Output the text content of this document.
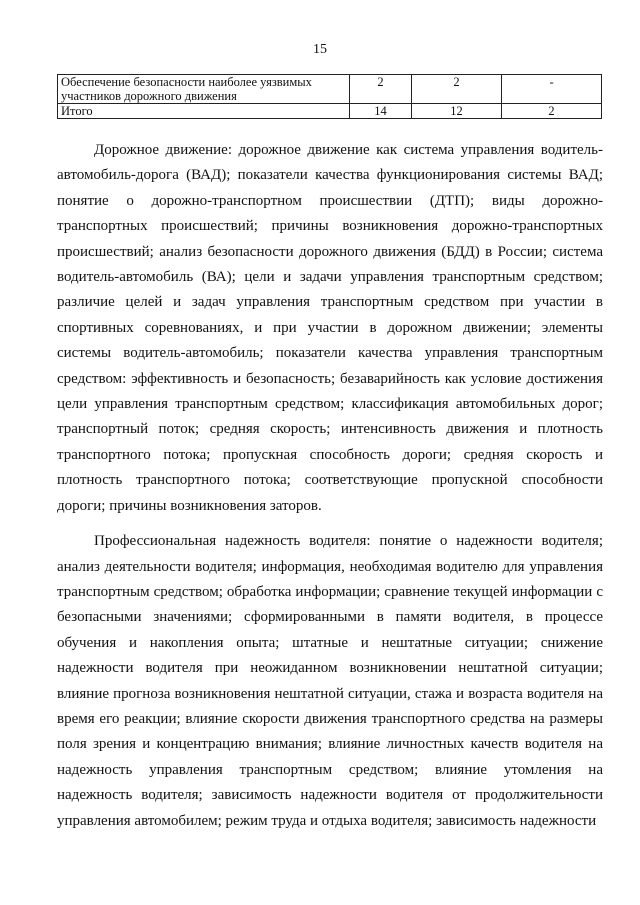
15
Обеспечение безопасности наиболее уязвимых участников дорожного движения	2	2	-
Итого	14	12	2

Дорожное движение: дорожное движение как система управления водитель-автомобиль-дорога (ВАД); показатели качества функционирования системы ВАД; понятие о дорожно-транспортном происшествии (ДТП); виды дорожно-транспортных происшествий; причины возникновения дорожно-транспортных происшествий; анализ безопасности дорожного движения (БДД) в России; система водитель-автомобиль (ВА); цели и задачи управления транспортным средством; различие целей и задач управления транспортным средством при участии в спортивных соревнованиях, и при участии в дорожном движении; элементы системы водитель-автомобиль; показатели качества управления транспортным средством: эффективность и безопасность; безаварийность как условие достижения цели управления транспортным средством; классификация автомобильных дорог; транспортный поток; средняя скорость; интенсивность движения и плотность транспортного потока; пропускная способность дороги; средняя скорость и плотность транспортного потока; соответствующие пропускной способности дороги; причины возникновения заторов.

Профессиональная надежность водителя: понятие о надежности водителя; анализ деятельности водителя; информация, необходимая водителю для управления транспортным средством; обработка информации; сравнение текущей информации с безопасными значениями; сформированными в памяти водителя, в процессе обучения и накопления опыта; штатные и нештатные ситуации; снижение надежности водителя при неожиданном возникновении нештатной ситуации; влияние прогноза возникновения нештатной ситуации, стажа и возраста водителя на время его реакции; влияние скорости движения транспортного средства на размеры поля зрения и концентрацию внимания; влияние личностных качеств водителя на надежность управления транспортным средством; влияние утомления на надежность водителя; зависимость надежности водителя от продолжительности управления автомобилем; режим труда и отдыха водителя; зависимость надежности
